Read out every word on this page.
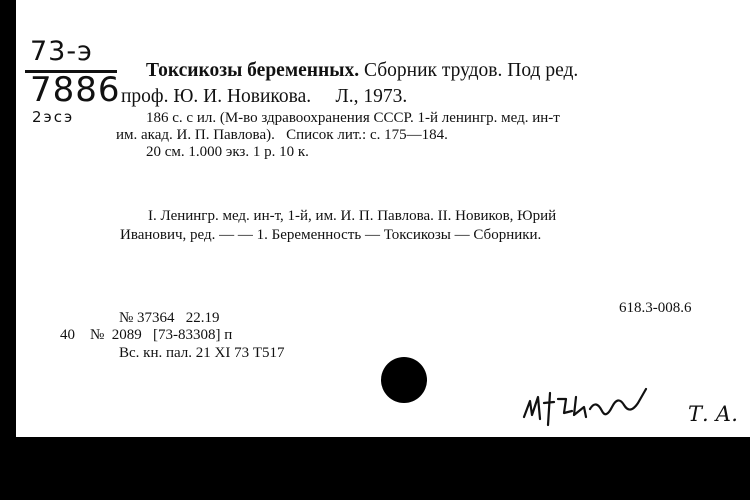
73-э
7886
2эсэ
Токсикозы беременных. Сборник трудов. Под ред.
проф. Ю. И. Новикова.     Л., 1973.
186 с. с ил. (М-во здравоохранения СССР. 1-й ленингр. мед. ин-т
им. акад. И. П. Павлова).   Список лит.: с. 175—184.
20 см. 1.000 экз. 1 р. 10 к.
I. Ленингр. мед. ин-т, 1-й, им. И. П. Павлова. II. Новиков, Юрий
Иванович, ред. — — 1. Беременность — Токсикозы — Сборники.
618.3-008.6
№ 37364   22.19
40 №  2089   [73-83308] п
Вс. кн. пал. 21 XI 73 Т517
Т. А.
